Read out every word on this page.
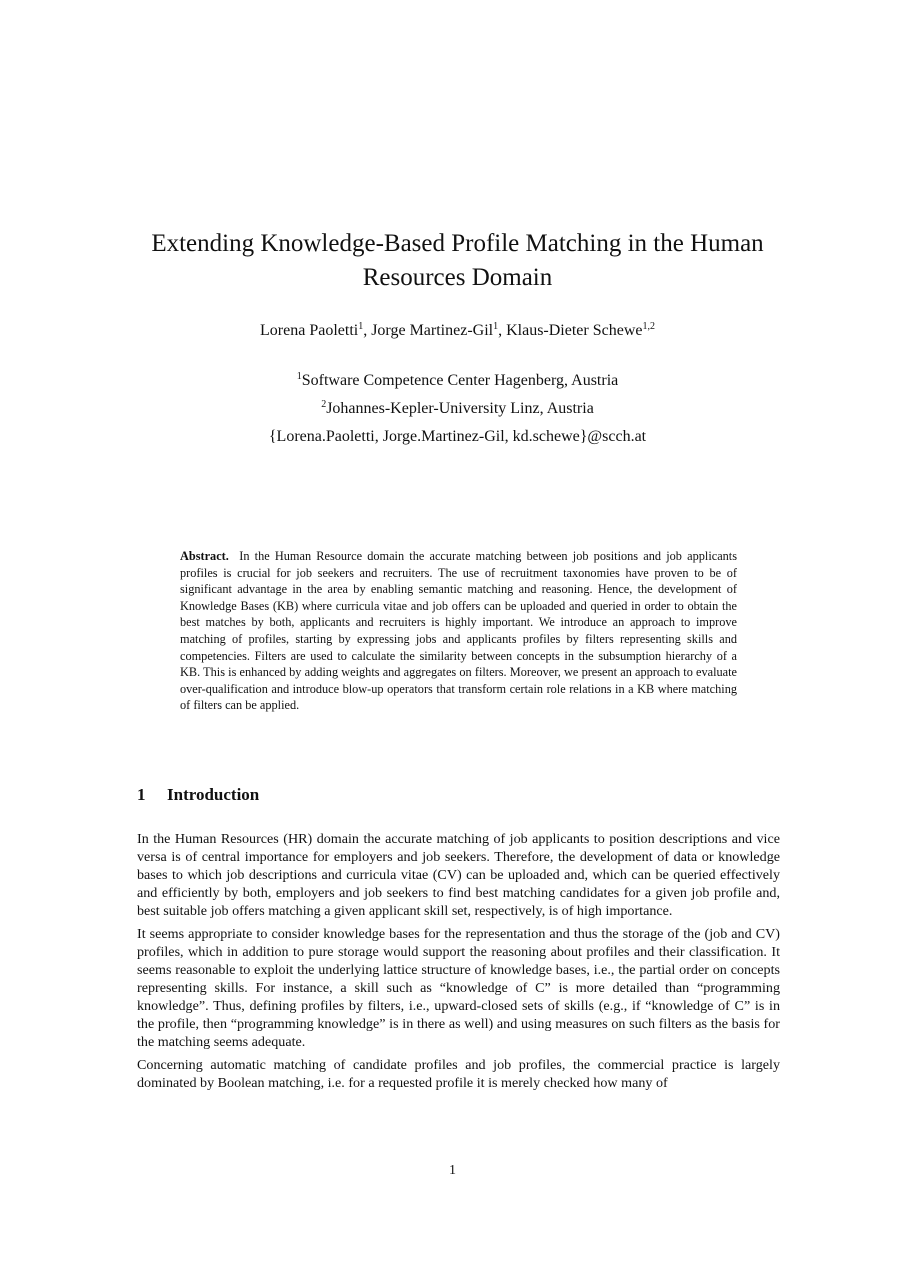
Extending Knowledge-Based Profile Matching in the Human Resources Domain
Lorena Paoletti$^1$, Jorge Martinez-Gil$^1$, Klaus-Dieter Schewe$^{1,2}$
$^1$Software Competence Center Hagenberg, Austria
$^2$Johannes-Kepler-University Linz, Austria
{Lorena.Paoletti, Jorge.Martinez-Gil, kd.schewe}@scch.at

Abstract. In the Human Resource domain the accurate matching between job positions and job applicants profiles is crucial for job seekers and recruiters. The use of recruitment taxonomies have proven to be of significant advantage in the area by enabling semantic matching and reasoning. Hence, the development of Knowledge Bases (KB) where curricula vitae and job offers can be uploaded and queried in order to obtain the best matches by both, applicants and recruiters is highly important. We introduce an approach to improve matching of profiles, starting by expressing jobs and applicants profiles by filters representing skills and competencies. Filters are used to calculate the similarity between concepts in the subsumption hierarchy of a KB. This is enhanced by adding weights and aggregates on filters. Moreover, we present an approach to evaluate over-qualification and introduce blow-up operators that transform certain role relations in a KB where matching of filters can be applied.

1 Introduction

In the Human Resources (HR) domain the accurate matching of job applicants to position descriptions and vice versa is of central importance for employers and job seekers. Therefore, the development of data or knowledge bases to which job descriptions and curricula vitae (CV) can be uploaded and, which can be queried effectively and efficiently by both, employers and job seekers to find best matching candidates for a given job profile and, best suitable job offers matching a given applicant skill set, respectively, is of high importance.

It seems appropriate to consider knowledge bases for the representation and thus the storage of the (job and CV) profiles, which in addition to pure storage would support the reasoning about profiles and their classification. It seems reasonable to exploit the underlying lattice structure of knowledge bases, i.e., the partial order on concepts representing skills. For instance, a skill such as “knowledge of C” is more detailed than “programming knowledge”. Thus, defining profiles by filters, i.e., upward-closed sets of skills (e.g., if “knowledge of C” is in the profile, then “programming knowledge” is in there as well) and using measures on such filters as the basis for the matching seems adequate.

Concerning automatic matching of candidate profiles and job profiles, the commercial practice is largely dominated by Boolean matching, i.e. for a requested profile it is merely checked how many of

1
